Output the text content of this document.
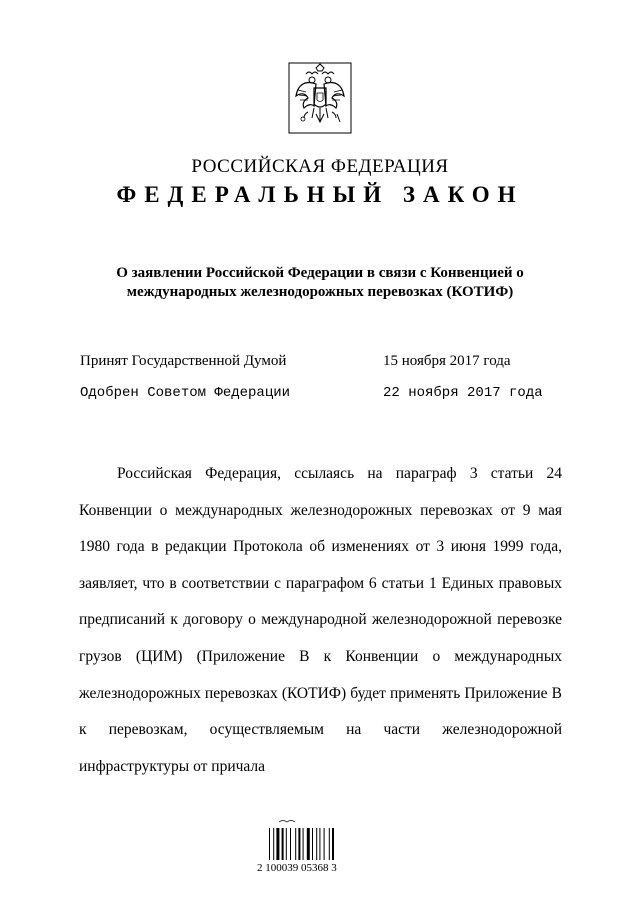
РОССИЙСКАЯ ФЕДЕРАЦИЯ
ФЕДЕРАЛЬНЫЙ ЗАКОН
О заявлении Российской Федерации в связи с Конвенцией о международных железнодорожных перевозках (КОТИФ)
Принят Государственной Думой	15 ноября 2017 года
Одобрен Советом Федерации	22 ноября 2017 года

Российская Федерация, ссылаясь на параграф 3 статьи 24 Конвенции о международных железнодорожных перевозках от 9 мая 1980 года в редакции Протокола об изменениях от 3 июня 1999 года, заявляет, что в соответствии с параграфом 6 статьи 1 Единых правовых предписаний к договору о международной железнодорожной перевозке грузов (ЦИМ) (Приложение В к Конвенции о международных железнодорожных перевозках (КОТИФ) будет применять Приложение В к перевозкам, осуществляемым на части железнодорожной инфраструктуры от причала

2 100039 05368 3
